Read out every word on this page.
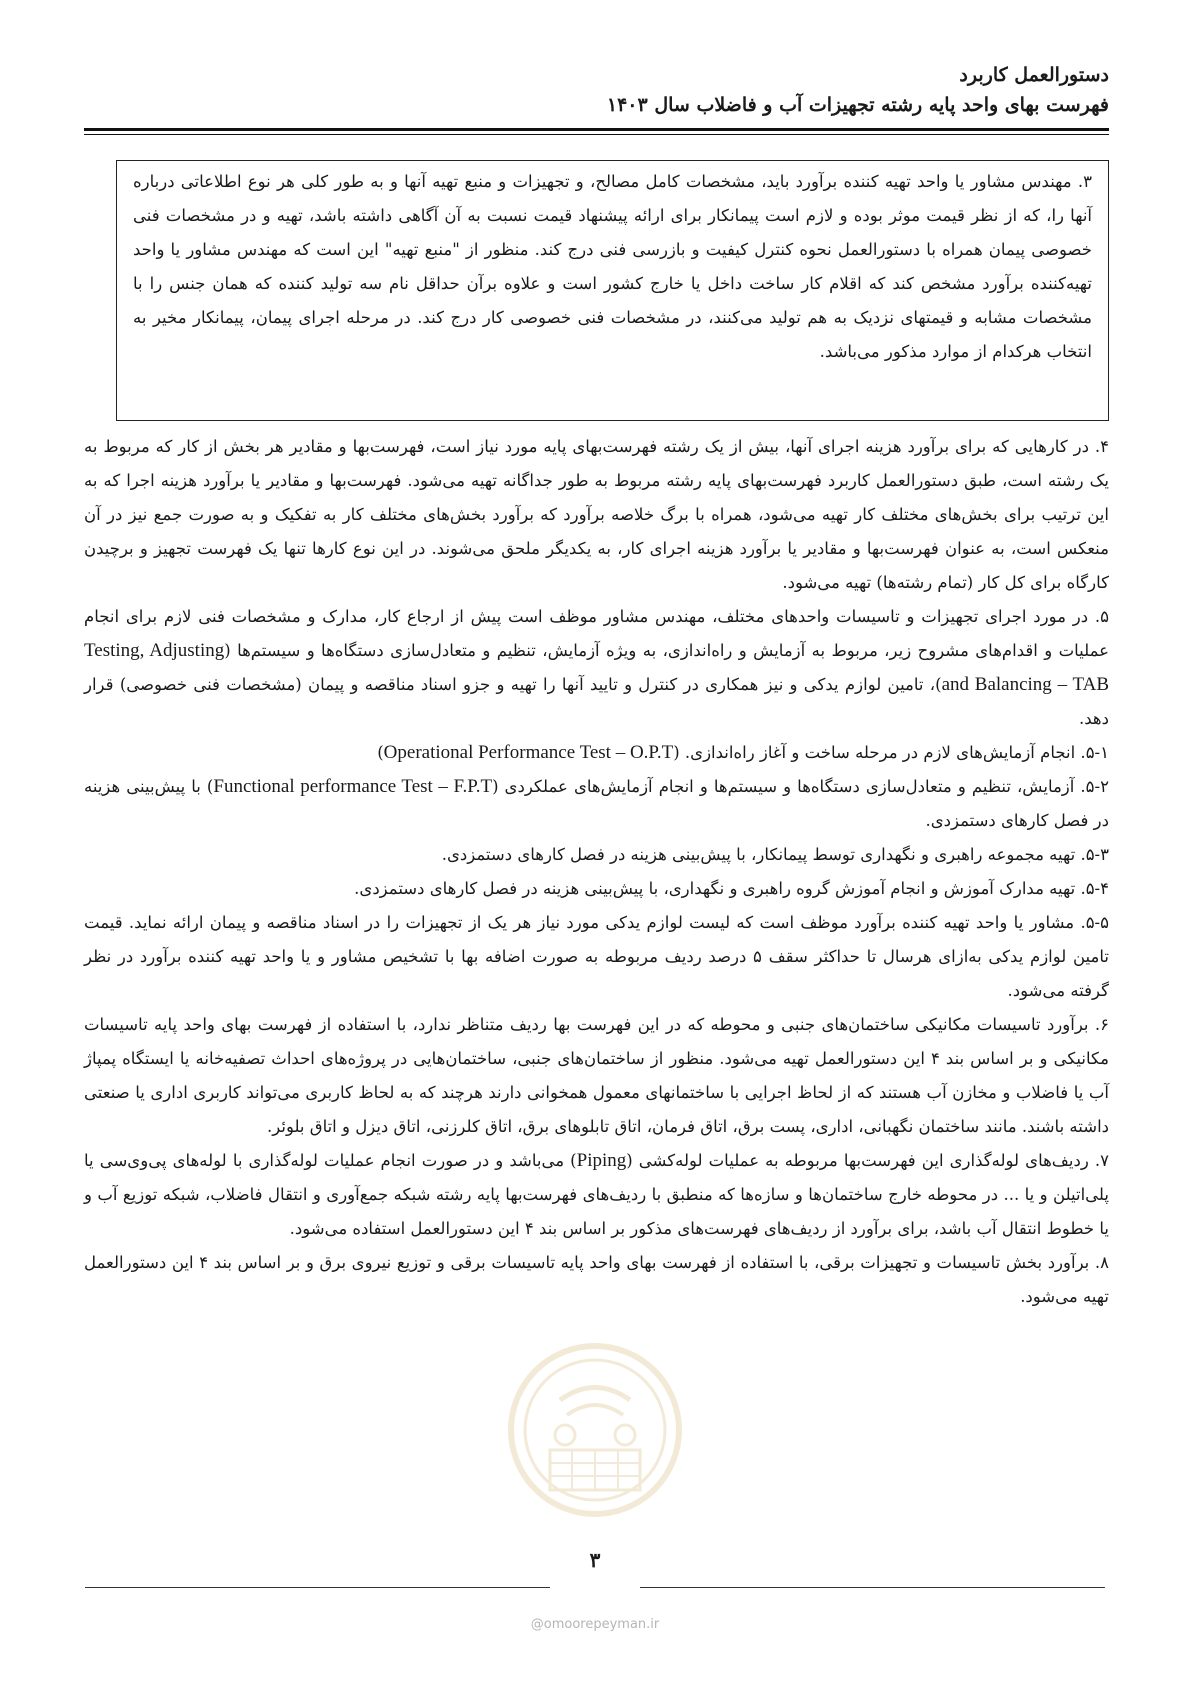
دستورالعمل کاربرد
فهرست بهای واحد پایه رشته تجهیزات آب و فاضلاب سال ۱۴۰۳

۳. مهندس مشاور یا واحد تهیه کننده برآورد باید، مشخصات کامل مصالح، و تجهیزات و منبع تهیه آنها و به طور کلی هر نوع اطلاعاتی درباره آنها را، که از نظر قیمت موثر بوده و لازم است پیمانکار برای ارائه پیشنهاد قیمت نسبت به آن آگاهی داشته باشد، تهیه و در مشخصات فنی خصوصی پیمان همراه با دستورالعمل نحوه کنترل کیفیت و بازرسی فنی درج کند. منظور از "منبع تهیه" این است که مهندس مشاور یا واحد تهیه‌کننده برآورد مشخص کند که اقلام کار ساخت داخل یا خارج کشور است و علاوه برآن حداقل نام سه تولید کننده که همان جنس را با مشخصات مشابه و قیمتهای نزدیک به هم تولید می‌کنند، در مشخصات فنی خصوصی کار درج کند. در مرحله اجرای پیمان، پیمانکار مخیر به انتخاب هرکدام از موارد مذکور می‌باشد.

۴. در کارهایی که برای برآورد هزینه اجرای آنها، بیش از یک رشته فهرست‌بهای پایه مورد نیاز است، فهرست‌بها و مقادیر هر بخش از کار که مربوط به یک رشته است، طبق دستورالعمل کاربرد فهرست‌بهای پایه رشته مربوط به طور جداگانه تهیه می‌شود. فهرست‌بها و مقادیر یا برآورد هزینه اجرا که به این ترتیب برای بخش‌های مختلف کار تهیه می‌شود، همراه با برگ خلاصه برآورد که برآورد بخش‌های مختلف کار به تفکیک و به صورت جمع نیز در آن منعکس است، به عنوان فهرست‌بها و مقادیر یا برآورد هزینه اجرای کار، به یکدیگر ملحق می‌شوند. در این نوع کارها تنها یک فهرست تجهیز و برچیدن کارگاه برای کل کار (تمام رشته‌ها) تهیه می‌شود.

۵. در مورد اجرای تجهیزات و تاسیسات واحدهای مختلف، مهندس مشاور موظف است پیش از ارجاع کار، مدارک و مشخصات فنی لازم برای انجام عملیات و اقدام‌های مشروح زیر، مربوط به آزمایش و راه‌اندازی، به ویژه آزمایش، تنظیم و متعادل‌سازی دستگاه‌ها و سیستم‌ها (Testing, Adjusting and Balancing – TAB)، تامین لوازم یدکی و نیز همکاری در کنترل و تایید آنها را تهیه و جزو اسناد مناقصه و پیمان (مشخصات فنی خصوصی) قرار دهد.

۵-۱. انجام آزمایش‌های لازم در مرحله ساخت و آغاز راه‌اندازی. (Operational Performance Test – O.P.T)

۵-۲. آزمایش، تنظیم و متعادل‌سازی دستگاه‌ها و سیستم‌ها و انجام آزمایش‌های عملکردی (Functional performance Test – F.P.T) با پیش‌بینی هزینه در فصل کارهای دستمزدی.

۵-۳. تهیه مجموعه راهبری و نگهداری توسط پیمانکار، با پیش‌بینی هزینه در فصل کارهای دستمزدی.

۵-۴. تهیه مدارک آموزش و انجام آموزش گروه راهبری و نگهداری، با پیش‌بینی هزینه در فصل کارهای دستمزدی.

۵-۵. مشاور یا واحد تهیه کننده برآورد موظف است که لیست لوازم یدکی مورد نیاز هر یک از تجهیزات را در اسناد مناقصه و پیمان ارائه نماید. قیمت تامین لوازم یدکی به‌ازای هرسال تا حداکثر سقف ۵ درصد ردیف مربوطه به صورت اضافه بها با تشخیص مشاور و یا واحد تهیه کننده برآورد در نظر گرفته می‌شود.

۶. برآورد تاسیسات مکانیکی ساختمان‌های جنبی و محوطه که در این فهرست بها ردیف متناظر ندارد، با استفاده از فهرست بهای واحد پایه تاسیسات مکانیکی و بر اساس بند ۴ این دستورالعمل تهیه می‌شود. منظور از ساختمان‌های جنبی، ساختمان‌هایی در پروژه‌های احداث تصفیه‌خانه یا ایستگاه پمپاژ آب یا فاضلاب و مخازن آب هستند که از لحاظ اجرایی با ساختمانهای معمول همخوانی دارند هرچند که به لحاظ کاربری می‌تواند کاربری اداری یا صنعتی داشته باشند. مانند ساختمان نگهبانی، اداری، پست برق، اتاق فرمان، اتاق تابلوهای برق، اتاق کلرزنی، اتاق دیزل و اتاق بلوئر.

۷. ردیف‌های لوله‌گذاری این فهرست‌بها مربوطه به عملیات لوله‌کشی (Piping) می‌باشد و در صورت انجام عملیات لوله‌گذاری با لوله‌های پی‌وی‌سی یا پلی‌اتیلن و یا ... در محوطه خارج ساختمان‌ها و سازه‌ها که منطبق با ردیف‌های فهرست‌بها پایه رشته شبکه جمع‌آوری و انتقال فاضلاب، شبکه توزیع آب و یا خطوط انتقال آب باشد، برای برآورد از ردیف‌های فهرست‌های مذکور بر اساس بند ۴ این دستورالعمل استفاده می‌شود.

۸. برآورد بخش تاسیسات و تجهیزات برقی، با استفاده از فهرست بهای واحد پایه تاسیسات برقی و توزیع نیروی برق و بر اساس بند ۴ این دستورالعمل تهیه می‌شود.

۳
@omoorepeyman.ir
